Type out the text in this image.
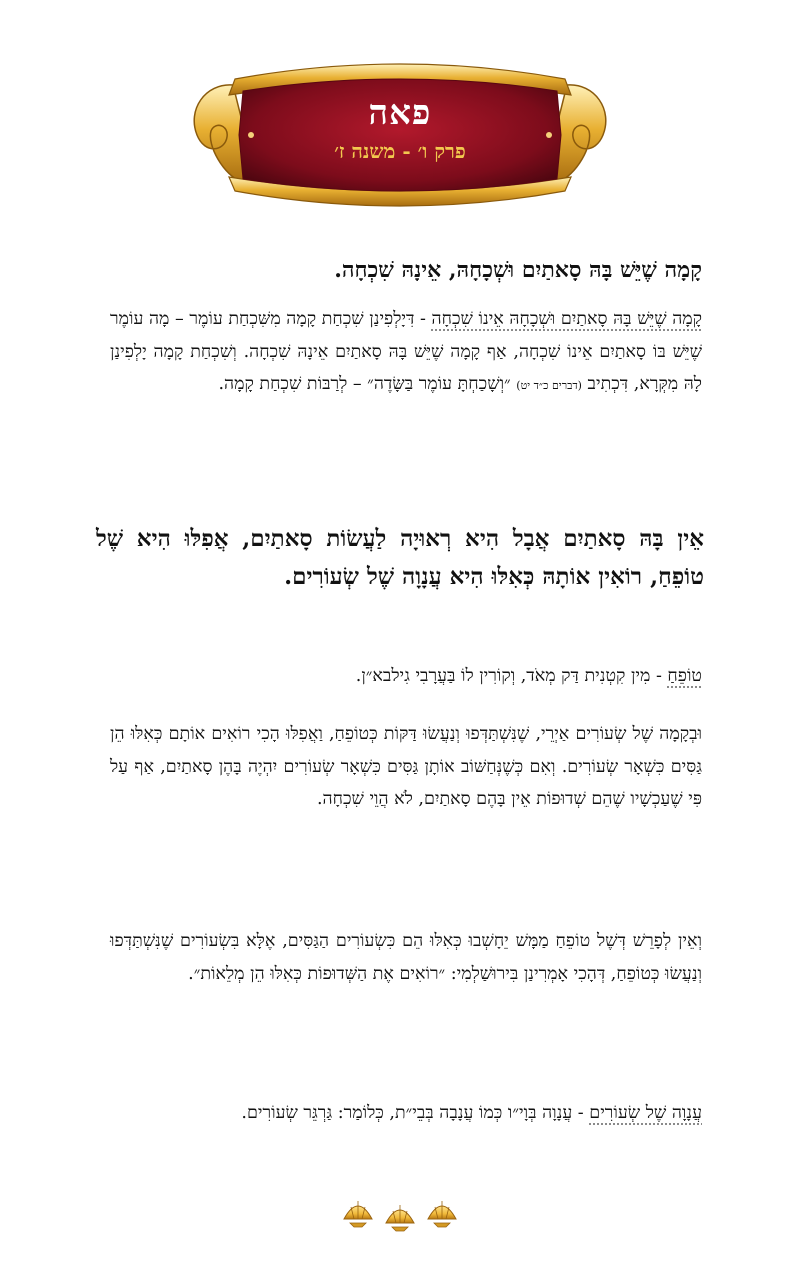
פאה
פרק ו׳ - משנה ז׳
קָמָה שֶׁיֵּשׁ בָּהּ סָאתַיִם וּשְׁכָחָהּ, אֵינָהּ שִׁכְחָה.
קָמָה שֶׁיֵּשׁ בָּהּ סָאתַיִם וּשְׁכָחָהּ אֵינוֹ שִׁכְחָה - דִּיָלְפִינַן שִׁכְחַת קָמָה מִשִּׁכְחַת עוֹמֶר – מָה עוֹמֶר שֶׁיֵּשׁ בּוֹ סָאתַיִם אֵינוֹ שִׁכְחָה, אַף קָמָה שֶׁיֵּשׁ בָּהּ סָאתַיִם אֵינָהּ שִׁכְחָה. וְשִׁכְחַת קָמָה יָלְפִינַן לָהּ מִקְּרָא, דִּכְתִיב (דברים כ״ד יט) ״וְשָׁכַחְתָּ עוֹמֶר בַּשָּׂדֶה״ – לְרַבּוֹת שִׁכְחַת קָמָה.
אֵין בָּהּ סָאתַיִם אֲבָל הִיא רְאוּיָה לַעֲשׂוֹת סָאתַיִם, אֲפִלּוּ הִיא שֶׁל טוֹפֵחַ, רוֹאִין אוֹתָהּ כְּאִלּוּ הִיא עֲנָוָה שֶׁל שְׂעוֹרִים.
טוֹפֵחַ - מִין קִטְנִית דַּק מְאֹד, וְקוֹרִין לוֹ בַּעֲרָבִי גִילבא״ן.
וּבְקָמָה שֶׁל שְׂעוֹרִים אַיְרֵי, שֶׁנִּשְׁתַּדְּפוּ וְנַעֲשׂוּ דַּקּוֹת כְּטוֹפֵחַ, וַאֲפִלּוּ הָכִי רוֹאִים אוֹתָם כְּאִלּוּ הֵן גַּסִּים כִּשְׁאָר שְׂעוֹרִים. וְאִם כְּשֶׁנְּחַשּׁוֹב אוֹתָן גַּסִּים כִּשְׁאָר שְׂעוֹרִים יִהְיֶה בָּהֶן סָאתַיִם, אַף עַל פִּי שֶׁעַכְשָׁיו שֶׁהֵם שְׁדוּפוֹת אֵין בָּהֶם סָאתַיִם, לֹא הֲוֵי שִׁכְחָה.
וְאֵין לְפָרֵשׁ דְּשֶׁל טוֹפֵחַ מַמָּשׁ יֵחָשְׁבוּ כְּאִלּוּ הֵם כִּשְׂעוֹרִים הַגַּסִּים, אֶלָּא בִּשְׂעוֹרִים שֶׁנִּשְׁתַּדְּפוּ וְנַעֲשׂוּ כְּטוֹפֵחַ, דְּהָכִי אָמְרִינַן בִּירוּשַׁלְמִי: ״רוֹאִים אֶת הַשְּׁדוּפוֹת כְּאִלּוּ הֵן מְלֵאוֹת״.
עֲנָוָה שֶׁל שְׂעוֹרִים - עֲנָוָה בְּוָי״ו כְּמוֹ עֲנָבָה בְּבֵי״ת, כְּלוֹמַר: גַּרְגֵּר שְׂעוֹרִים.
